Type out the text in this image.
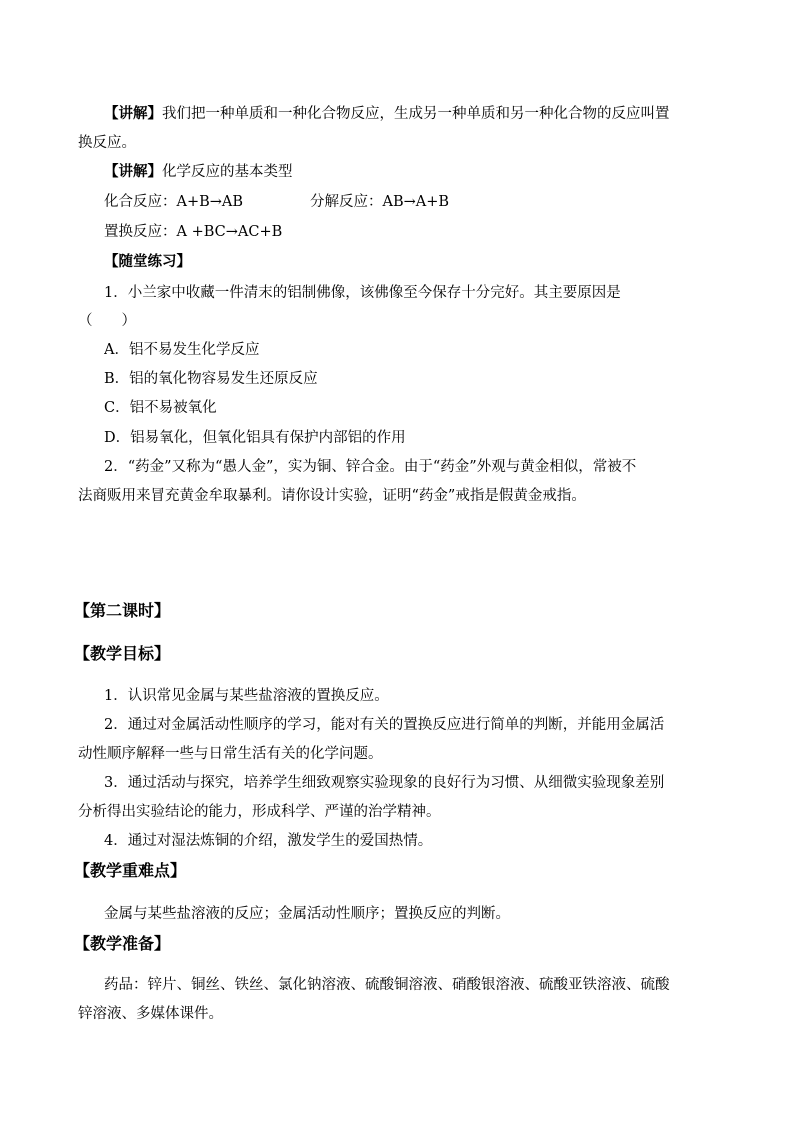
【讲解】我们把一种单质和一种化合物反应，生成另一种单质和另一种化合物的反应叫置
换反应。
【讲解】化学反应的基本类型
化合反应：A+B→AB	分解反应：AB→A+B
置换反应：A +BC→AC+B
【随堂练习】
1．小兰家中收藏一件清末的铝制佛像，该佛像至今保存十分完好。其主要原因是
（　　）
A．铝不易发生化学反应
B．铝的氧化物容易发生还原反应
C．铝不易被氧化
D．铝易氧化，但氧化铝具有保护内部铝的作用
2．“药金”又称为“愚人金”，实为铜、锌合金。由于“药金”外观与黄金相似，常被不
法商贩用来冒充黄金牟取暴利。请你设计实验，证明“药金”戒指是假黄金戒指。
【第二课时】
【教学目标】
1．认识常见金属与某些盐溶液的置换反应。
2．通过对金属活动性顺序的学习，能对有关的置换反应进行简单的判断，并能用金属活
动性顺序解释一些与日常生活有关的化学问题。
3．通过活动与探究，培养学生细致观察实验现象的良好行为习惯、从细微实验现象差别
分析得出实验结论的能力，形成科学、严谨的治学精神。
4．通过对湿法炼铜的介绍，激发学生的爱国热情。
【教学重难点】
金属与某些盐溶液的反应；金属活动性顺序；置换反应的判断。
【教学准备】
药品：锌片、铜丝、铁丝、氯化钠溶液、硫酸铜溶液、硝酸银溶液、硫酸亚铁溶液、硫酸
锌溶液、多媒体课件。
